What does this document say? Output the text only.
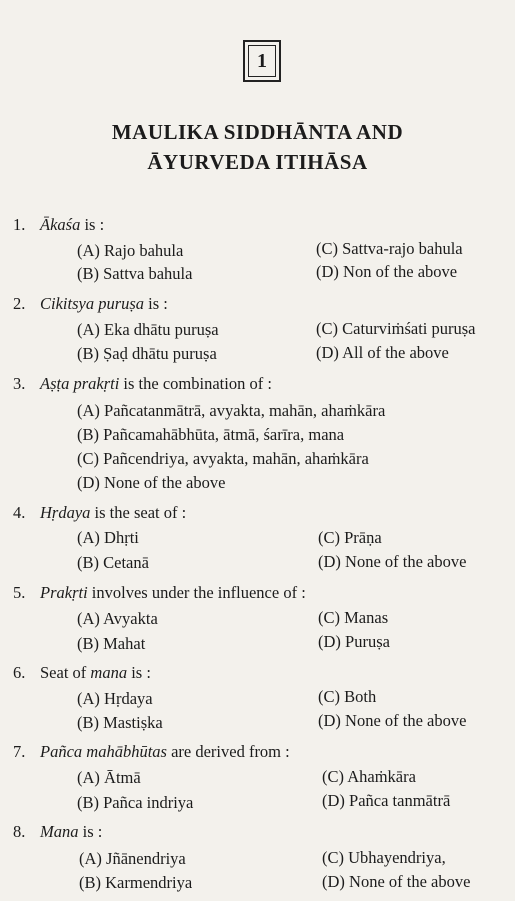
1
MAULIKA SIDDHĀNTA AND
ĀYURVEDA ITIHĀSA
1. Ākaśa is :
(A) Rajo bahula	(C) Sattva-rajo bahula
(B) Sattva bahula	(D) Non of the above
2. Cikitsya puruṣa is :
(A) Eka dhātu puruṣa	(C) Caturviṁśati puruṣa
(B) Ṣaḍ dhātu puruṣa	(D) All of the above
3. Aṣṭa prakṛti is the combination of :
(A) Pañcatanmātrā, avyakta, mahān, ahaṁkāra
(B) Pañcamahābhūta, ātmā, śarīra, mana
(C) Pañcendriya, avyakta, mahān, ahaṁkāra
(D) None of the above
4. Hṛdaya is the seat of :
(A) Dhṛti	(C) Prāṇa
(B) Cetanā	(D) None of the above
5. Prakṛti involves under the influence of :
(A) Avyakta	(C) Manas
(B) Mahat	(D) Puruṣa
6. Seat of mana is :
(A) Hṛdaya	(C) Both
(B) Mastiṣka	(D) None of the above
7. Pañca mahābhūtas are derived from :
(A) Ātmā	(C) Ahaṁkāra
(B) Pañca indriya	(D) Pañca tanmātrā
8. Mana is :
(A) Jñānendriya	(C) Ubhayendriya,
(B) Karmendriya	(D) None of the above
